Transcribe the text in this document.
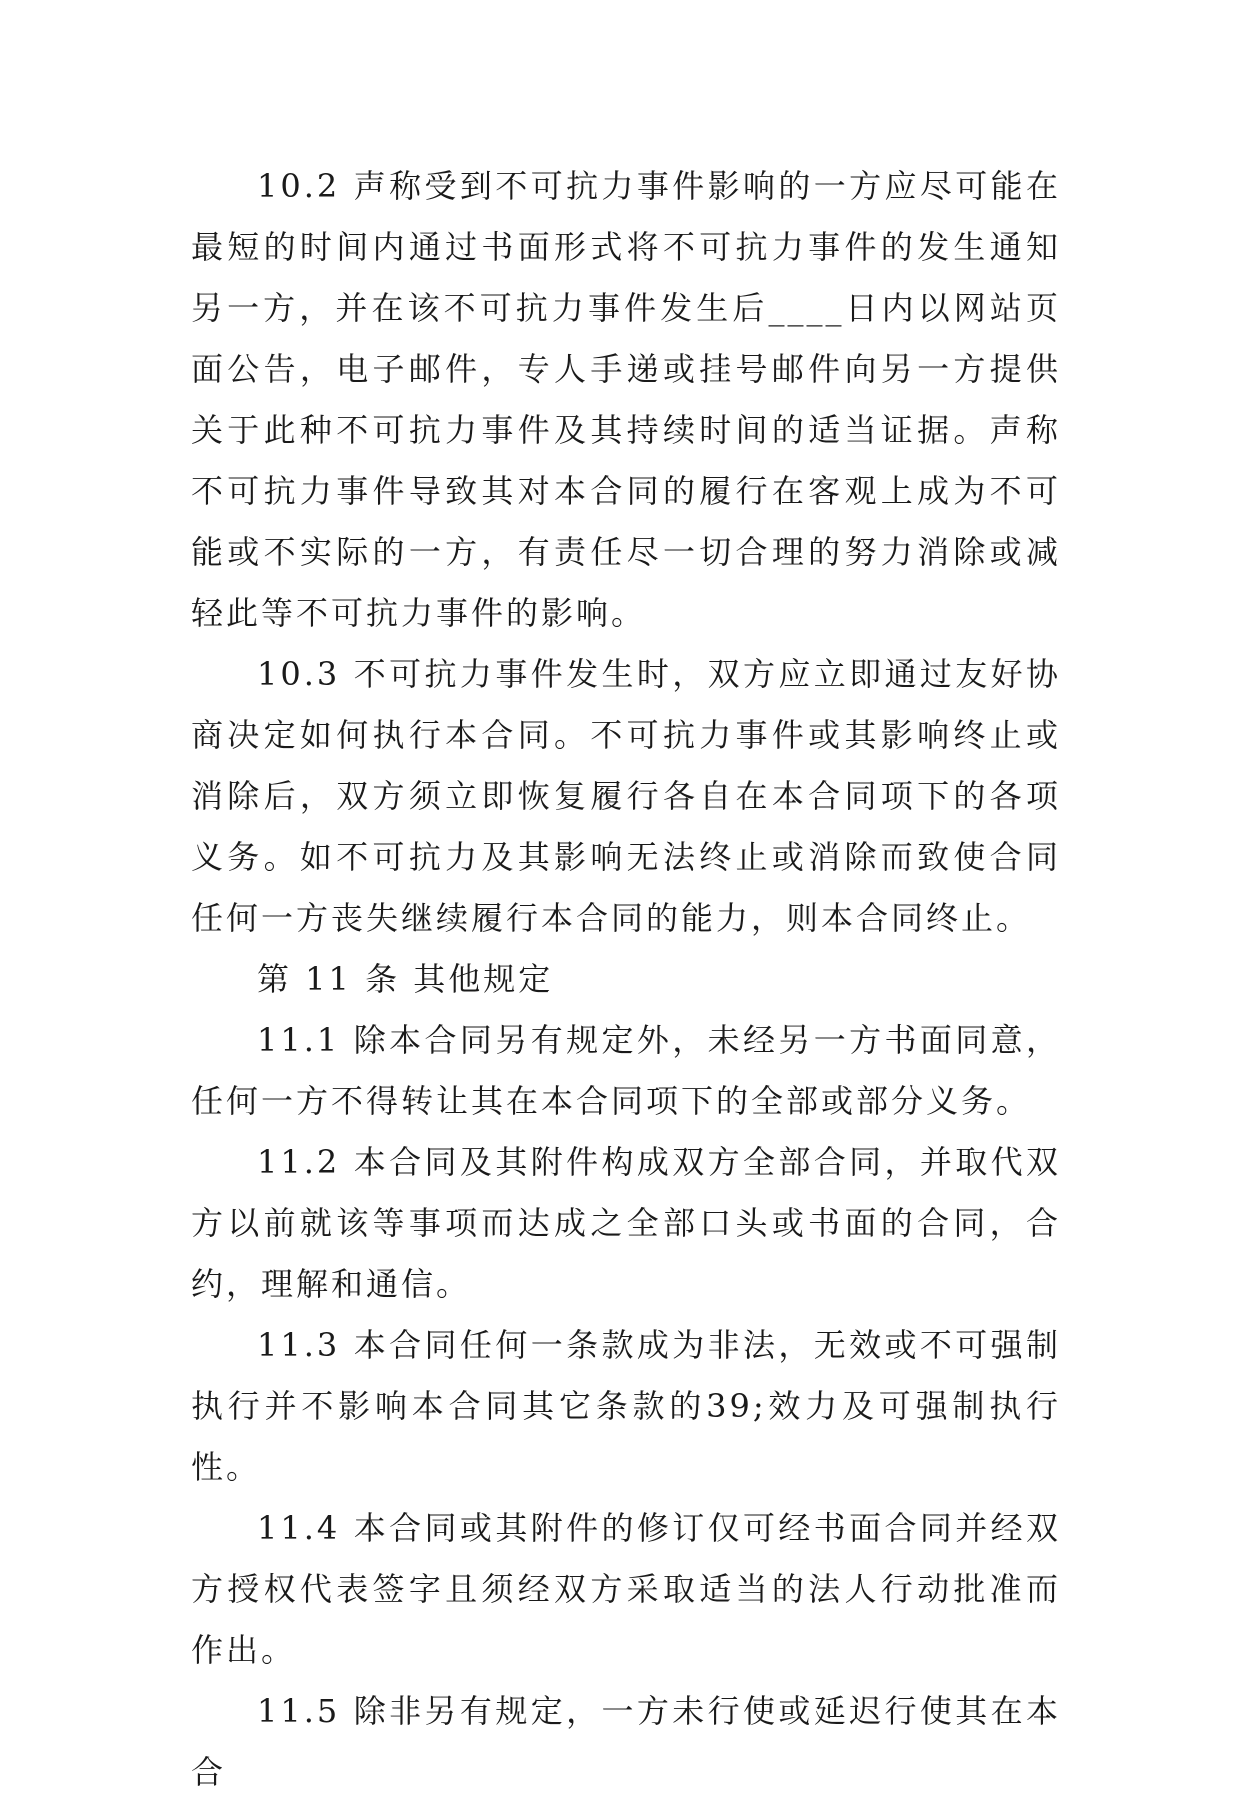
10.2 声称受到不可抗力事件影响的一方应尽可能在最短的时间内通过书面形式将不可抗力事件的发生通知另一方，并在该不可抗力事件发生后____日内以网站页面公告，电子邮件，专人手递或挂号邮件向另一方提供关于此种不可抗力事件及其持续时间的适当证据。声称不可抗力事件导致其对本合同的履行在客观上成为不可能或不实际的一方，有责任尽一切合理的努力消除或减轻此等不可抗力事件的影响。

10.3 不可抗力事件发生时，双方应立即通过友好协商决定如何执行本合同。不可抗力事件或其影响终止或消除后，双方须立即恢复履行各自在本合同项下的各项义务。如不可抗力及其影响无法终止或消除而致使合同任何一方丧失继续履行本合同的能力，则本合同终止。

第 11 条 其他规定

11.1 除本合同另有规定外，未经另一方书面同意，任何一方不得转让其在本合同项下的全部或部分义务。

11.2 本合同及其附件构成双方全部合同，并取代双方以前就该等事项而达成之全部口头或书面的合同，合约，理解和通信。

11.3 本合同任何一条款成为非法，无效或不可强制执行并不影响本合同其它条款的39;效力及可强制执行性。

11.4 本合同或其附件的修订仅可经书面合同并经双方授权代表签字且须经双方采取适当的法人行动批准而作出。

11.5 除非另有规定，一方未行使或延迟行使其在本合
